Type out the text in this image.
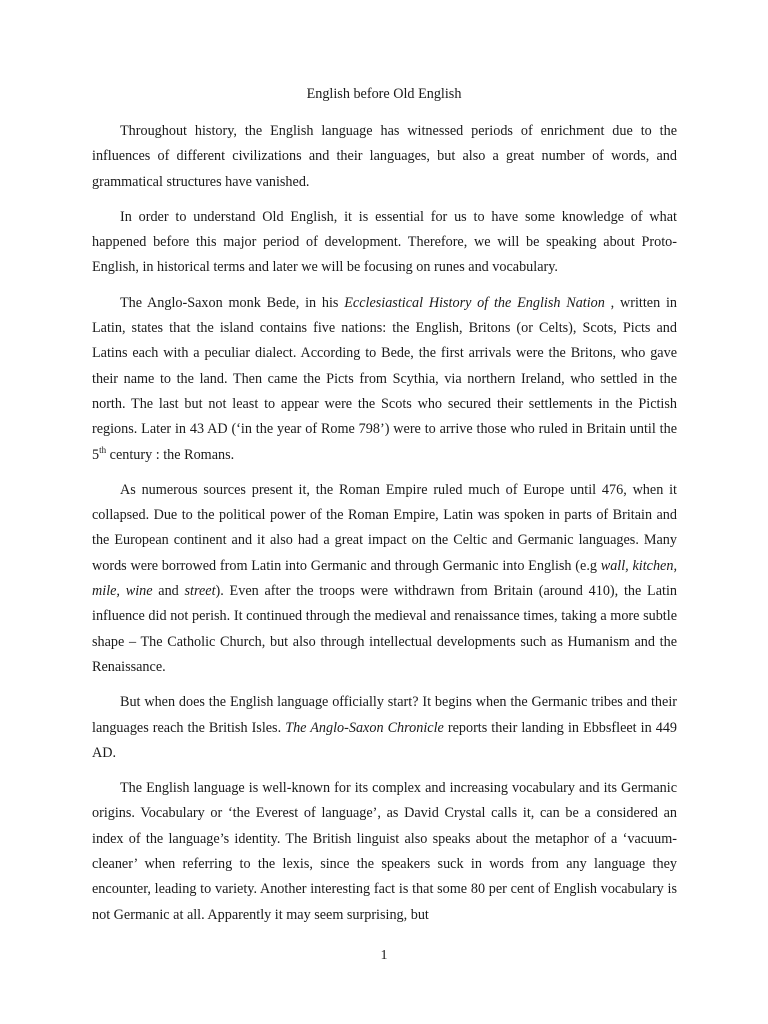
English before Old English

Throughout history, the English language has witnessed periods of enrichment due to the influences of different civilizations and their languages, but also a great number of words, and grammatical structures have vanished.

In order to understand Old English, it is essential for us to have some knowledge of what happened before this major period of development. Therefore, we will be speaking about Proto-English, in historical terms and later we will be focusing on runes and vocabulary.

The Anglo-Saxon monk Bede, in his Ecclesiastical History of the English Nation , written in Latin, states that the island contains five nations: the English, Britons (or Celts), Scots, Picts and Latins each with a peculiar dialect. According to Bede, the first arrivals were the Britons, who gave their name to the land. Then came the Picts from Scythia, via northern Ireland, who settled in the north. The last but not least to appear were the Scots who secured their settlements in the Pictish regions. Later in 43 AD (‘in the year of Rome 798’) were to arrive those who ruled in Britain until the 5th century : the Romans.

As numerous sources present it, the Roman Empire ruled much of Europe until 476, when it collapsed. Due to the political power of the Roman Empire, Latin was spoken in parts of Britain and the European continent and it also had a great impact on the Celtic and Germanic languages. Many words were borrowed from Latin into Germanic and through Germanic into English (e.g wall, kitchen, mile, wine and street). Even after the troops were withdrawn from Britain (around 410), the Latin influence did not perish. It continued through the medieval and renaissance times, taking a more subtle shape – The Catholic Church, but also through intellectual developments such as Humanism and the Renaissance.

But when does the English language officially start? It begins when the Germanic tribes and their languages reach the British Isles. The Anglo-Saxon Chronicle reports their landing in Ebbsfleet in 449 AD.

The English language is well-known for its complex and increasing vocabulary and its Germanic origins. Vocabulary or ‘the Everest of language’, as David Crystal calls it, can be a considered an index of the language’s identity. The British linguist also speaks about the metaphor of a ‘vacuum-cleaner’ when referring to the lexis, since the speakers suck in words from any language they encounter, leading to variety. Another interesting fact is that some 80 per cent of English vocabulary is not Germanic at all. Apparently it may seem surprising, but

1
